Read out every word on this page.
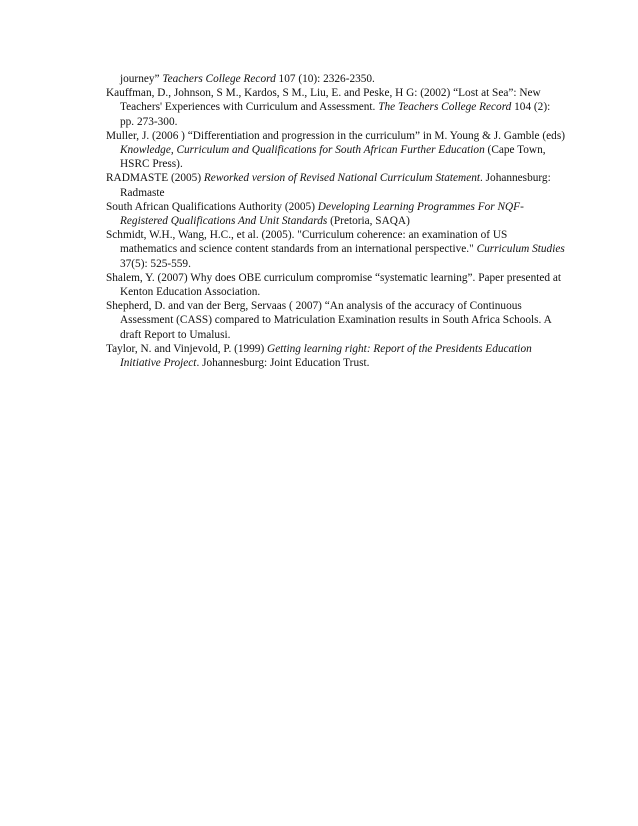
journey” Teachers College Record 107 (10): 2326-2350.

Kauffman, D., Johnson, S M., Kardos, S M., Liu, E. and Peske, H G: (2002) “Lost at Sea”: New Teachers' Experiences with Curriculum and Assessment. The Teachers College Record 104 (2): pp. 273-300.

Muller, J. (2006 ) “Differentiation and progression in the curriculum” in M. Young & J. Gamble (eds) Knowledge, Curriculum and Qualifications for South African Further Education (Cape Town, HSRC Press).

RADMASTE (2005) Reworked version of Revised National Curriculum Statement. Johannesburg: Radmaste

South African Qualifications Authority (2005) Developing Learning Programmes For NQF-Registered Qualifications And Unit Standards (Pretoria, SAQA)

Schmidt, W.H., Wang, H.C., et al. (2005). "Curriculum coherence: an examination of US mathematics and science content standards from an international perspective." Curriculum Studies 37(5): 525-559.

Shalem, Y. (2007) Why does OBE curriculum compromise “systematic learning”. Paper presented at Kenton Education Association.

Shepherd, D. and van der Berg, Servaas ( 2007) “An analysis of the accuracy of Continuous Assessment (CASS) compared to Matriculation Examination results in South Africa Schools. A draft Report to Umalusi.

Taylor, N. and Vinjevold, P. (1999) Getting learning right: Report of the Presidents Education Initiative Project. Johannesburg: Joint Education Trust.
